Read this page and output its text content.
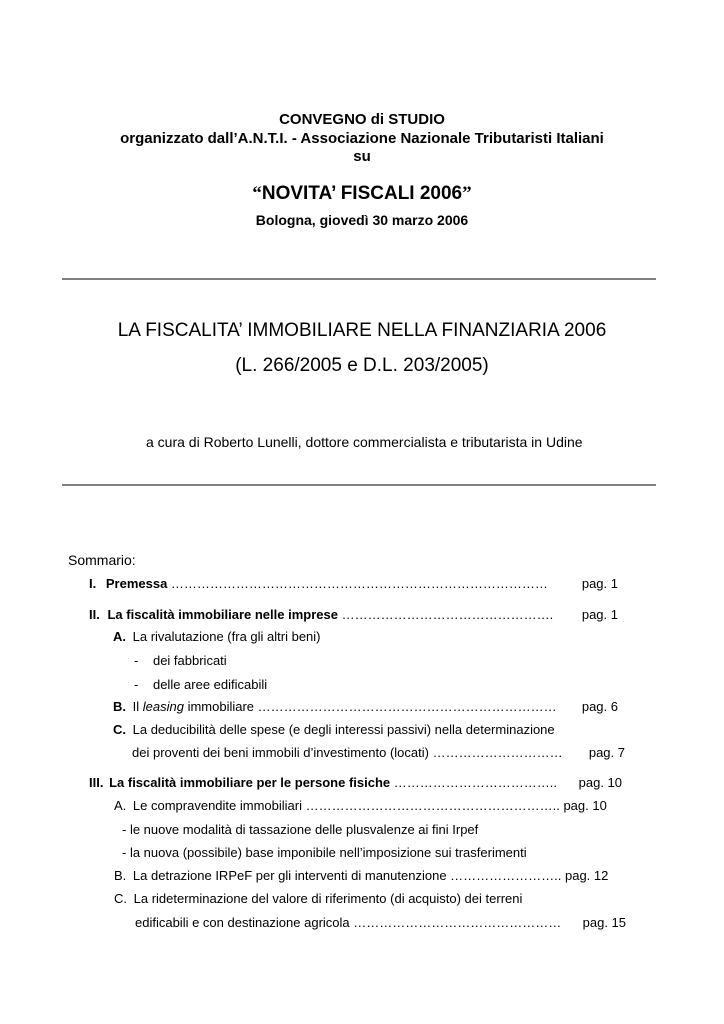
CONVEGNO di STUDIO
organizzato dall’A.N.T.I. - Associazione Nazionale Tributaristi Italiani
su
“NOVITA’ FISCALI 2006”
Bologna, giovedì 30 marzo 2006
LA FISCALITA’ IMMOBILIARE NELLA FINANZIARIA 2006
(L. 266/2005 e D.L. 203/2005)
a cura di Roberto Lunelli, dottore commercialista e tributarista in Udine
Sommario:
I. Premessa ……………………………………………………………………………	pag. 1
II. La fiscalità immobiliare nelle imprese …………………………………………. pag. 1
A. La rivalutazione (fra gli altri beni)
- dei fabbricati
- delle aree edificabili
B. Il leasing immobiliare …………………………………………………………… pag. 6
C. La deducibilità delle spese (e degli interessi passivi) nella determinazione
dei proventi dei beni immobili d’investimento (locati) ………………………… pag. 7
III. La fiscalità immobiliare per le persone fisiche ……………………………….. pag. 10
A. Le compravendite immobiliari ………………………………………………….. pag. 10
- le nuove modalità di tassazione delle plusvalenze ai fini Irpef
- la nuova (possibile) base imponibile nell’imposizione sui trasferimenti
B. La detrazione IRPeF per gli interventi di manutenzione …………………….. pag. 12
C. La rideterminazione del valore di riferimento (di acquisto) dei terreni
edificabili e con destinazione agricola ………………………………………… pag. 15
